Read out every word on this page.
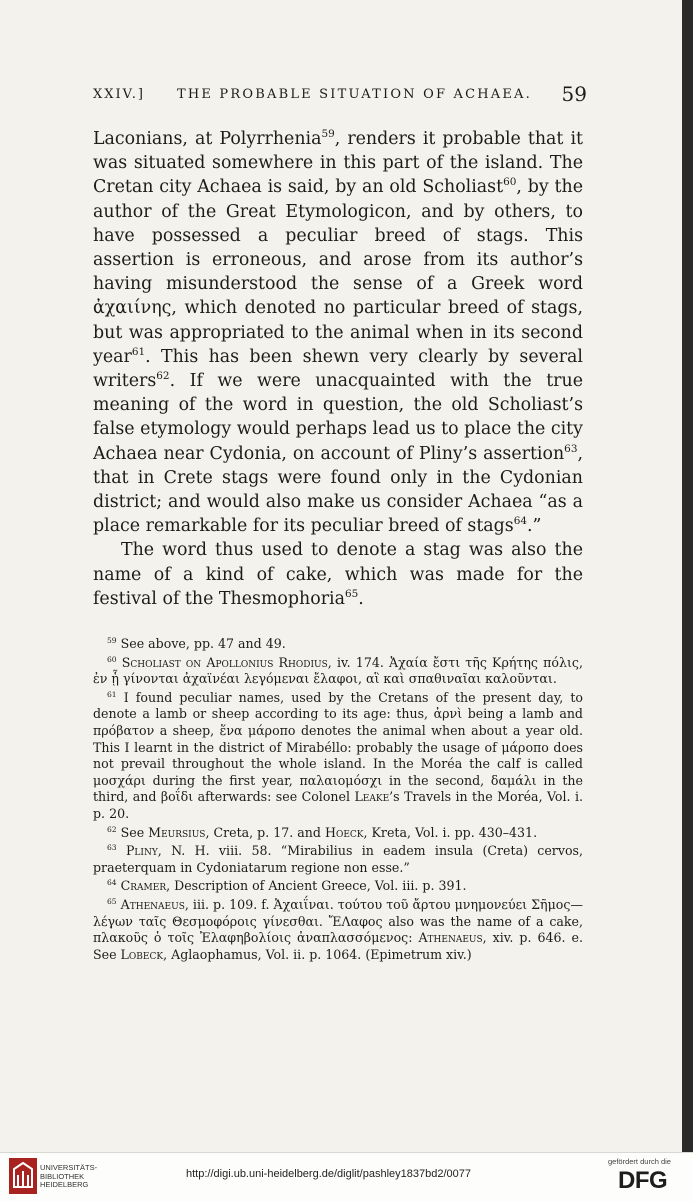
XXIV.] THE PROBABLE SITUATION OF ACHAEA. 59

Laconians, at Polyrrhenia$^{59}$, renders it probable that it was situated somewhere in this part of the island. The Cretan city Achaea is said, by an old Scholiast$^{60}$, by the author of the Great Etymologicon, and by others, to have possessed a peculiar breed of stags. This assertion is erroneous, and arose from its author’s having misunderstood the sense of a Greek word ἀχαιίνης, which denoted no particular breed of stags, but was appropriated to the animal when in its second year$^{61}$. This has been shewn very clearly by several writers$^{62}$. If we were unacquainted with the true meaning of the word in question, the old Scholiast’s false etymology would perhaps lead us to place the city Achaea near Cydonia, on account of Pliny’s assertion$^{63}$, that in Crete stags were found only in the Cydonian district; and would also make us consider Achaea “as a place remarkable for its peculiar breed of stags$^{64}$.”

The word thus used to denote a stag was also the name of a kind of cake, which was made for the festival of the Thesmophoria$^{65}$.

$^{59}$ See above, pp. 47 and 49.

$^{60}$ Scholiast on Apollonius Rhodius, iv. 174. Ἀχαία ἔστι τῆς Κρήτης πόλις, ἐν ᾗ γίνονται ἀχαϊνέαι λεγόμεναι ἔλαφοι, αἳ καὶ σπαθιναῖαι καλοῦνται.

$^{61}$ I found peculiar names, used by the Cretans of the present day, to denote a lamb or sheep according to its age: thus, ἀρνὶ being a lamb and πρόβατον a sheep, ἕνα μάροπο denotes the animal when about a year old. This I learnt in the district of Mirabéllo: probably the usage of μάροπο does not prevail throughout the whole island. In the Moréa the calf is called μοσχάρι during the first year, παλαιομόσχι in the second, δαμάλι in the third, and βοΐδι afterwards: see Colonel Leake’s Travels in the Moréa, Vol. i. p. 20.

$^{62}$ See Meursius, Creta, p. 17. and Hoeck, Kreta, Vol. i. pp. 430–431.

$^{63}$ Pliny, N. H. viii. 58. “Mirabilius in eadem insula (Creta) cervos, praeterquam in Cydoniatarum regione non esse.”

$^{64}$ Cramer, Description of Ancient Greece, Vol. iii. p. 391.

$^{65}$ Athenaeus, iii. p. 109. f. Ἀχαιΐναι. τούτου τοῦ ἄρτου μνημονεύει Σῆμος—λέγων ταῖς Θεσμοφόροις γίνεσθαι. ἜΛαφος also was the name of a cake, πλακοῦς ὁ τοῖς Ἐλαφηβολίοις ἀναπλασσόμενος: Athenaeus, xiv. p. 646. e. See Lobeck, Aglaophamus, Vol. ii. p. 1064. (Epimetrum xiv.)

UNIVERSITÄTS-
BIBLIOTHEK
HEIDELBERG
http://digi.ub.uni-heidelberg.de/diglit/pashley1837bd2/0077
gefördert durch die
DFG
